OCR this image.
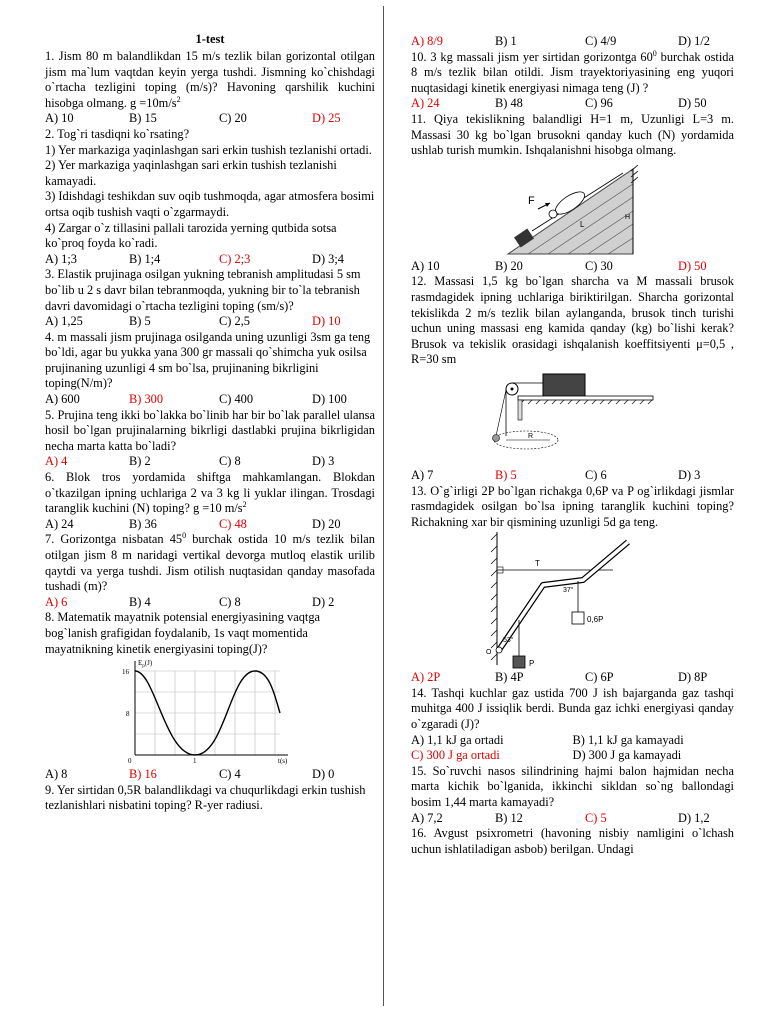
1-test

1. Jism 80 m balandlikdan 15 m/s tezlik bilan gorizontal otilgan jism ma`lum vaqtdan keyin yerga tushdi. Jismning ko`chishdagi o`rtacha tezligini toping (m/s)? Havoning qarshilik kuchini hisobga olmang. $g =10m/s^2$

A) 10	B) 15	C) 20	D) 25

2. Tog`ri tasdiqni ko`rsating?

1) Yer markaziga yaqinlashgan sari erkin tushish tezlanishi ortadi.

2) Yer markaziga yaqinlashgan sari erkin tushish tezlanishi kamayadi.

3) Idishdagi teshikdan suv oqib tushmoqda, agar atmosfera bosimi ortsa oqib tushish vaqti o`zgarmaydi.

4) Zargar o`z tillasini pallali tarozida yerning qutbida sotsa ko`proq foyda ko`radi.

A) 1;3	B) 1;4	C) 2;3	D) 3;4

3. Elastik prujinaga osilgan yukning tebranish amplitudasi 5 sm bo`lib u 2 s davr bilan tebranmoqda, yukning bir to`la tebranish davri davomidagi o`rtacha tezligini toping (sm/s)?

A) 1,25	B) 5	C) 2,5	D) 10

4. m massali jism prujinaga osilganda uning uzunligi 3sm ga teng bo`ldi, agar bu yukka yana 300 gr massali qo`shimcha yuk osilsa prujinaning uzunligi 4 sm bo`lsa, prujinaning bikrligini toping(N/m)?

A) 600	B) 300	C) 400	D) 100

5. Prujina teng ikki bo`lakka bo`linib har bir bo`lak parallel ulansa hosil bo`lgan prujinalarning bikrligi dastlabki prujina bikrligidan necha marta katta bo`ladi?

A) 4	B) 2	C) 8	D) 3

6. Blok tros yordamida shiftga mahkamlangan. Blokdan o`tkazilgan ipning uchlariga 2 va 3 kg li yuklar ilingan. Trosdagi taranglik kuchini (N) toping? g =10 $m/s^2$

A) 24	B) 36	C) 48	D) 20

7. Gorizontga nisbatan $45^0$ burchak ostida 10 m/s tezlik bilan otilgan jism 8 m naridagi vertikal devorga mutloq elastik urilib qaytdi va yerga tushdi. Jism otilish nuqtasidan qanday masofada tushadi (m)?

A) 6	B) 4	C) 8	D) 2

8. Matematik mayatnik potensial energiyasining vaqtga bog`lanish grafigidan foydalanib, 1s vaqt momentida mayatnikning kinetik energiyasini toping(J)?

$E_p(J)$
16
8
0	1	t(s)
A) 8	B) 16	C) 4	D) 0

9. Yer sirtidan 0,5R balandlikdagi va chuqurlikdagi erkin tushish tezlanishlari nisbatini toping? R-yer radiusi.

A) 8/9	B) 1	C) 4/9	D) 1/2

10. 3 kg massali jism yer sirtidan gorizontga $60^0$ burchak ostida 8 m/s tezlik bilan otildi. Jism trayektoriyasining eng yuqori nuqtasidagi kinetik energiyasi nimaga teng (J) ?

A) 24	B) 48	C) 96	D) 50

11. Qiya tekislikning balandligi H=1 m, Uzunligi L=3 m. Massasi 30 kg bo`lgan brusokni qanday kuch (N) yordamida ushlab turish mumkin. Ishqalanishni hisobga olmang.

F
L
H
A) 10	B) 20	C) 30	D) 50

12. Massasi 1,5 kg bo`lgan sharcha va M massali brusok rasmdagidek ipning uchlariga biriktirilgan. Sharcha gorizontal tekislikda 2 m/s tezlik bilan aylanganda, brusok tinch turishi uchun uning massasi eng kamida qanday (kg) bo`lishi kerak? Brusok va tekislik orasidagi ishqalanish koeffitsiyenti μ=0,5 , R=30 sm

R
A) 7	B) 5	C) 6	D) 3

13. O`g`irligi 2P bo`lgan richakga 0,6P va P og`irlikdagi jismlar rasmdagidek osilgan bo`lsa ipning taranglik kuchini toping? Richakning xar bir qismining uzunligi 5d ga teng.

T
37°
53°
0,6P
P
O
A) 2P	B) 4P	C) 6P	D) 8P

14. Tashqi kuchlar gaz ustida 700 J ish bajarganda gaz tashqi muhitga 400 J issiqlik berdi. Bunda gaz ichki energiyasi qanday o`zgaradi (J)?

A) 1,1 kJ ga ortadi	B) 1,1 kJ ga kamayadi
C) 300 J ga ortadi	D) 300 J ga kamayadi

15. So`ruvchi nasos silindrining hajmi balon hajmidan necha marta kichik bo`lganida, ikkinchi sikldan so`ng ballondagi bosim 1,44 marta kamayadi?

A) 7,2	B) 12	C) 5	D) 1,2

16. Avgust psixrometri (havoning nisbiy namligini o`lchash uchun ishlatiladigan asbob) berilgan. Undagi
